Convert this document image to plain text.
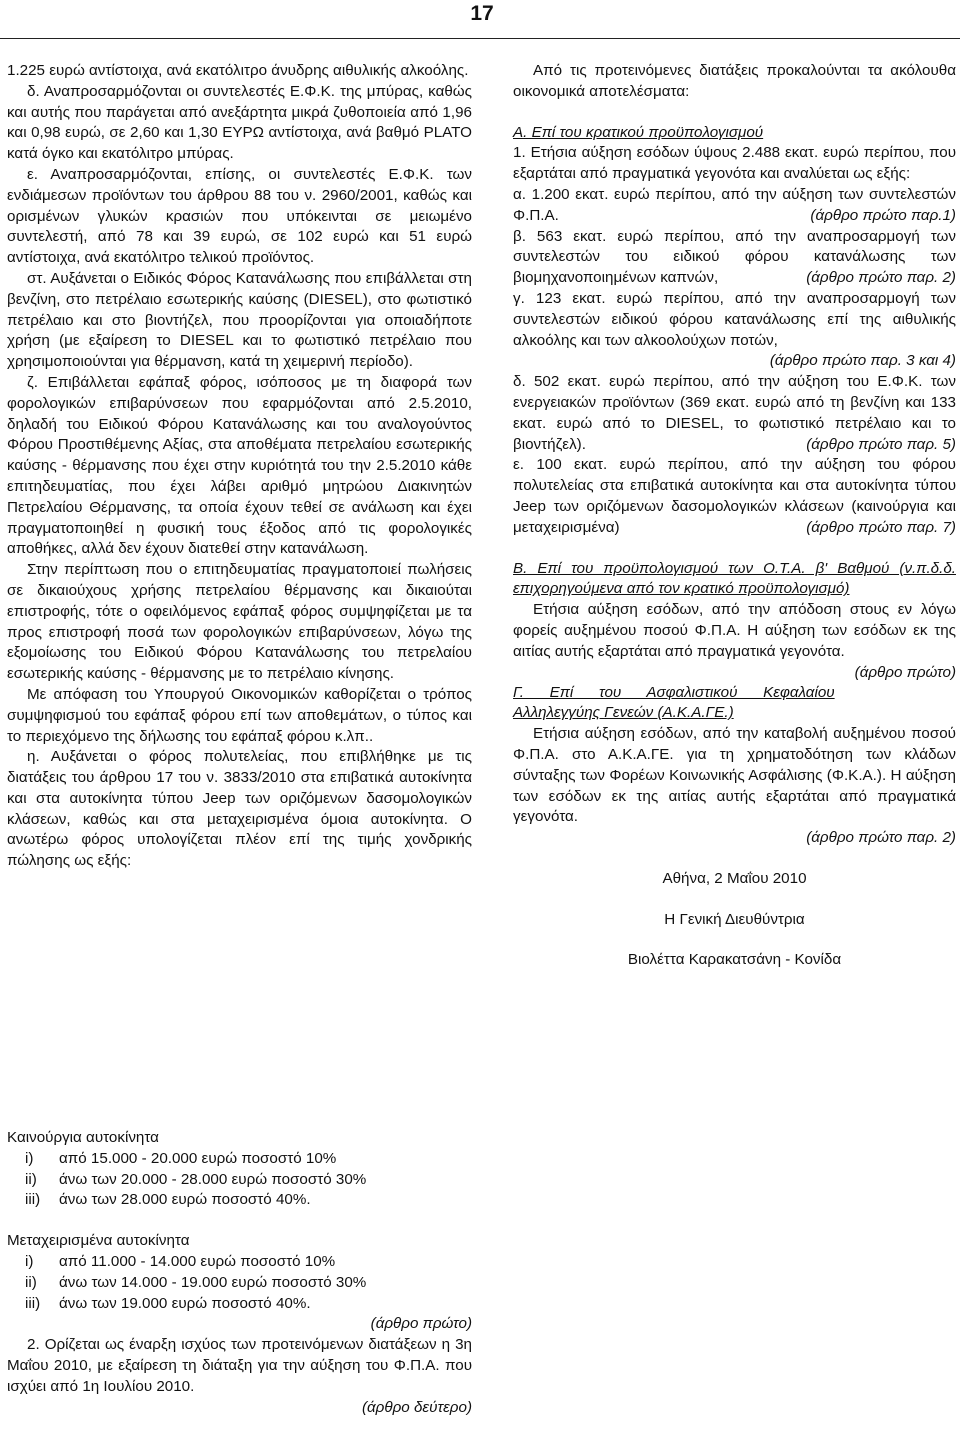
17

1.225 ευρώ αντίστοιχα, ανά εκατόλιτρο άνυδρης αιθυλικής αλκοόλης.

δ. Αναπροσαρμόζονται οι συντελεστές Ε.Φ.Κ. της μπύρας, καθώς και αυτής που παράγεται από ανεξάρτητα μικρά ζυθοποιεία από 1,96 και 0,98 ευρώ, σε 2,60 και 1,30 ΕΥΡΩ αντίστοιχα, ανά βαθμό PLATO κατά όγκο και εκατόλιτρο μπύρας.

ε. Αναπροσαρμόζονται, επίσης, οι συντελεστές Ε.Φ.Κ. των ενδιάμεσων προϊόντων του άρθρου 88 του ν. 2960/2001, καθώς και ορισμένων γλυκών κρασιών που υπόκεινται σε μειωμένο συντελεστή, από 78 και 39 ευρώ, σε 102 ευρώ και 51 ευρώ αντίστοιχα, ανά εκατόλιτρο τελικού προϊόντος.

στ. Αυξάνεται ο Ειδικός Φόρος Κατανάλωσης που επιβάλλεται στη βενζίνη, στο πετρέλαιο εσωτερικής καύσης (DIESEL), στο φωτιστικό πετρέλαιο και στο βιοντήζελ, που προορίζονται για οποιαδήποτε χρήση (με εξαίρεση το DIESEL και το φωτιστικό πετρέλαιο που χρησιμοποιούνται για θέρμανση, κατά τη χειμερινή περίοδο).

ζ. Επιβάλλεται εφάπαξ φόρος, ισόποσος με τη διαφορά των φορολογικών επιβαρύνσεων που εφαρμόζονται από 2.5.2010, δηλαδή του Ειδικού Φόρου Κατανάλωσης και του αναλογούντος Φόρου Προστιθέμενης Αξίας, στα αποθέματα πετρελαίου εσωτερικής καύσης - θέρμανσης που έχει στην κυριότητά του την 2.5.2010 κάθε επιτηδευματίας, που έχει λάβει αριθμό μητρώου Διακινητών Πετρελαίου Θέρμανσης, τα οποία έχουν τεθεί σε ανάλωση και έχει πραγματοποιηθεί η φυσική τους έξοδος από τις φορολογικές αποθήκες, αλλά δεν έχουν διατεθεί στην κατανάλωση.

Στην περίπτωση που ο επιτηδευματίας πραγματοποιεί πωλήσεις σε δικαιούχους χρήσης πετρελαίου θέρμανσης και δικαιούται επιστροφής, τότε ο οφειλόμενος εφάπαξ φόρος συμψηφίζεται με τα προς επιστροφή ποσά των φορολογικών επιβαρύνσεων, λόγω της εξομοίωσης του Ειδικού Φόρου Κατανάλωσης του πετρελαίου εσωτερικής καύσης - θέρμανσης με το πετρέλαιο κίνησης.

Με απόφαση του Υπουργού Οικονομικών καθορίζεται ο τρόπος συμψηφισμού του εφάπαξ φόρου επί των αποθεμάτων, ο τύπος και το περιεχόμενο της δήλωσης του εφάπαξ φόρου κ.λπ..

η. Αυξάνεται ο φόρος πολυτελείας, που επιβλήθηκε με τις διατάξεις του άρθρου 17 του ν. 3833/2010 στα επιβατικά αυτοκίνητα και στα αυτοκίνητα τύπου Jeep των οριζόμενων δασομολογικών κλάσεων, καθώς και στα μεταχειρισμένα όμοια αυτοκίνητα. Ο ανωτέρω φόρος υπολογίζεται πλέον επί της τιμής χονδρικής πώλησης ως εξής:

Καινούργια αυτοκίνητα

i)	από 15.000 - 20.000 ευρώ ποσοστό 10%
ii)	άνω των 20.000 - 28.000 ευρώ ποσοστό 30%
iii)	άνω των 28.000 ευρώ ποσοστό 40%.

Μεταχειρισμένα αυτοκίνητα

i)	από 11.000 - 14.000 ευρώ ποσοστό 10%
ii)	άνω των 14.000 - 19.000 ευρώ ποσοστό 30%
iii)	άνω των 19.000 ευρώ ποσοστό 40%.

(άρθρο πρώτο)

2. Ορίζεται ως έναρξη ισχύος των προτεινόμενων διατάξεων η 3η Μαΐου 2010, με εξαίρεση τη διάταξη για την αύξηση του Φ.Π.Α. που ισχύει από 1η Ιουλίου 2010.

(άρθρο δεύτερο)

Από τις προτεινόμενες διατάξεις προκαλούνται τα ακόλουθα οικονομικά αποτελέσματα:

Α. Επί του κρατικού προϋπολογισμού

1. Ετήσια αύξηση εσόδων ύψους 2.488 εκατ. ευρώ περίπου, που εξαρτάται από πραγματικά γεγονότα και αναλύεται ως εξής:

α. 1.200 εκατ. ευρώ περίπου, από την αύξηση των συντελεστών Φ.Π.Α.	(άρθρο πρώτο παρ.1)

β. 563 εκατ. ευρώ περίπου, από την αναπροσαρμογή των συντελεστών του ειδικού φόρου κατανάλωσης των βιομηχανοποιημένων καπνών,	(άρθρο πρώτο παρ. 2)

γ. 123 εκατ. ευρώ περίπου, από την αναπροσαρμογή των συντελεστών ειδικού φόρου κατανάλωσης επί της αιθυλικής αλκοόλης και των αλκοολούχων ποτών,

(άρθρο πρώτο παρ. 3 και 4)

δ. 502 εκατ. ευρώ περίπου, από την αύξηση του Ε.Φ.Κ. των ενεργειακών προϊόντων (369 εκατ. ευρώ από τη βενζίνη και 133 εκατ. ευρώ από το DIESEL, το φωτιστικό πετρέλαιο και το βιοντήζελ).	(άρθρο πρώτο παρ. 5)

ε. 100 εκατ. ευρώ περίπου, από την αύξηση του φόρου πολυτελείας στα επιβατικά αυτοκίνητα και στα αυτοκίνητα τύπου Jeep των οριζόμενων δασομολογικών κλάσεων (καινούργια και μεταχειρισμένα)	(άρθρο πρώτο παρ. 7)

Β. Επί του προϋπολογισμού των Ο.Τ.Α. β' Βαθμού (ν.π.δ.δ. επιχορηγούμενα από τον κρατικό προϋπολογισμό)

Ετήσια αύξηση εσόδων, από την απόδοση στους εν λόγω φορείς αυξημένου ποσού Φ.Π.Α. Η αύξηση των εσόδων εκ της αιτίας αυτής εξαρτάται από πραγματικά γεγονότα.
(άρθρο πρώτο)

Γ. Επί του Ασφαλιστικού Κεφαλαίου Αλληλεγγύης Γενεών (Α.Κ.Α.ΓΕ.)

Ετήσια αύξηση εσόδων, από την καταβολή αυξημένου ποσού Φ.Π.Α. στο Α.Κ.Α.ΓΕ. για τη χρηματοδότηση των κλάδων σύνταξης των Φορέων Κοινωνικής Ασφάλισης (Φ.Κ.Α.). Η αύξηση των εσόδων εκ της αιτίας αυτής εξαρτάται από πραγματικά γεγονότα.

(άρθρο πρώτο παρ. 2)

Αθήνα, 2 Μαΐου 2010

Η Γενική Διευθύντρια

Βιολέττα Καρακατσάνη - Κονίδα
